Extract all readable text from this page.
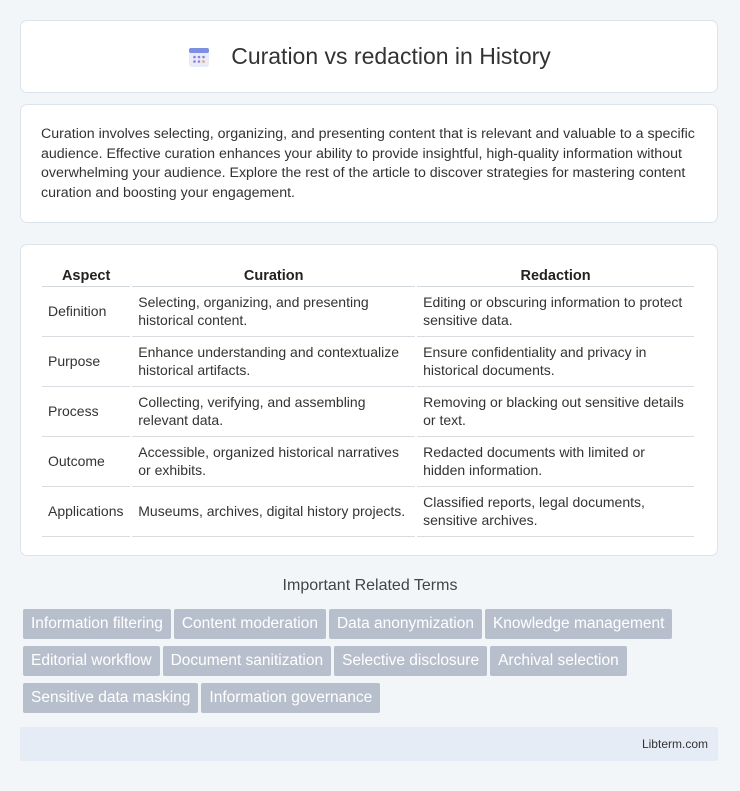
Curation vs redaction in History
Curation involves selecting, organizing, and presenting content that is relevant and valuable to a specific audience. Effective curation enhances your ability to provide insightful, high-quality information without overwhelming your audience. Explore the rest of the article to discover strategies for mastering content curation and boosting your engagement.
Aspect	Curation	Redaction
Definition	Selecting, organizing, and presenting historical content.	Editing or obscuring information to protect sensitive data.
Purpose	Enhance understanding and contextualize historical artifacts.	Ensure confidentiality and privacy in historical documents.
Process	Collecting, verifying, and assembling relevant data.	Removing or blacking out sensitive details or text.
Outcome	Accessible, organized historical narratives or exhibits.	Redacted documents with limited or hidden information.
Applications	Museums, archives, digital history projects.	Classified reports, legal documents, sensitive archives.
Important Related Terms
Information filtering Content moderation Data anonymization Knowledge management
Editorial workflow Document sanitization Selective disclosure Archival selection
Sensitive data masking Information governance
Libterm.com
